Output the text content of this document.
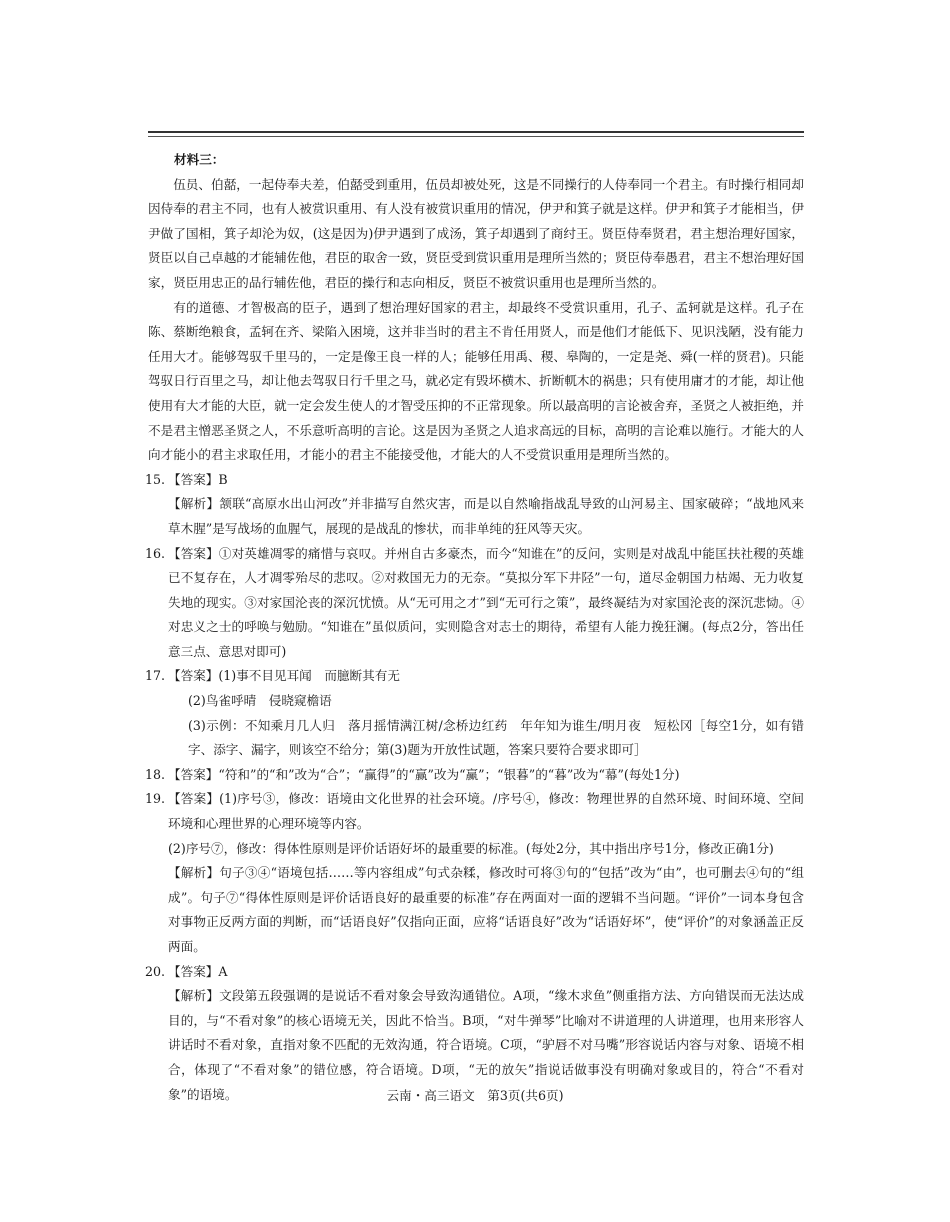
材料三：

伍员、伯嚭，一起侍奉夫差，伯嚭受到重用，伍员却被处死，这是不同操行的人侍奉同一个君主。有时操行相同却因侍奉的君主不同，也有人被赏识重用、有人没有被赏识重用的情况，伊尹和箕子就是这样。伊尹和箕子才能相当，伊尹做了国相，箕子却沦为奴，(这是因为)伊尹遇到了成汤，箕子却遇到了商纣王。贤臣侍奉贤君，君主想治理好国家，贤臣以自己卓越的才能辅佐他，君臣的取舍一致，贤臣受到赏识重用是理所当然的；贤臣侍奉愚君，君主不想治理好国家，贤臣用忠正的品行辅佐他，君臣的操行和志向相反，贤臣不被赏识重用也是理所当然的。

有的道德、才智极高的臣子，遇到了想治理好国家的君主，却最终不受赏识重用，孔子、孟轲就是这样。孔子在陈、蔡断绝粮食，孟轲在齐、梁陷入困境，这并非当时的君主不肯任用贤人，而是他们才能低下、见识浅陋，没有能力任用大才。能够驾驭千里马的，一定是像王良一样的人；能够任用禹、稷、皋陶的，一定是尧、舜(一样的贤君)。只能驾驭日行百里之马，却让他去驾驭日行千里之马，就必定有毁坏横木、折断軏木的祸患；只有使用庸才的才能，却让他使用有大才能的大臣，就一定会发生使人的才智受压抑的不正常现象。所以最高明的言论被舍弃，圣贤之人被拒绝，并不是君主憎恶圣贤之人，不乐意听高明的言论。这是因为圣贤之人追求高远的目标，高明的言论难以施行。才能大的人向才能小的君主求取任用，才能小的君主不能接受他，才能大的人不受赏识重用是理所当然的。

15. 【答案】B

【解析】颔联“高原水出山河改”并非描写自然灾害，而是以自然喻指战乱导致的山河易主、国家破碎；“战地风来草木腥”是写战场的血腥气，展现的是战乱的惨状，而非单纯的狂风等天灾。

16. 【答案】①对英雄凋零的痛惜与哀叹。并州自古多豪杰，而今“知谁在”的反问，实则是对战乱中能匡扶社稷的英雄已不复存在，人才凋零殆尽的悲叹。②对救国无力的无奈。“莫拟分军下井陉”一句，道尽金朝国力枯竭、无力收复失地的现实。③对家国沦丧的深沉忧愤。从“无可用之才”到“无可行之策”，最终凝结为对家国沦丧的深沉悲恸。④对忠义之士的呼唤与勉励。“知谁在”虽似质问，实则隐含对志士的期待，希望有人能力挽狂澜。(每点2分，答出任意三点、意思对即可)

17. 【答案】(1)事不目见耳闻　而臆断其有无

(2)鸟雀呼晴　侵晓窥檐语

(3)示例：不知乘月几人归　落月摇情满江树/念桥边红药　年年知为谁生/明月夜　短松冈［每空1分，如有错字、添字、漏字，则该空不给分；第(3)题为开放性试题，答案只要符合要求即可］

18. 【答案】“符和”的“和”改为“合”；“赢得”的“赢”改为“赢”；“银暮”的“暮”改为“幕”(每处1分)

19. 【答案】(1)序号③，修改：语境由文化世界的社会环境。/序号④，修改：物理世界的自然环境、时间环境、空间环境和心理世界的心理环境等内容。

(2)序号⑦，修改：得体性原则是评价话语好坏的最重要的标准。(每处2分，其中指出序号1分，修改正确1分)

【解析】句子③④“语境包括……等内容组成”句式杂糅，修改时可将③句的“包括”改为“由”，也可删去④句的“组成”。句子⑦“得体性原则是评价话语良好的最重要的标准”存在两面对一面的逻辑不当问题。“评价”一词本身包含对事物正反两方面的判断，而“话语良好”仅指向正面，应将“话语良好”改为“话语好坏”，使“评价”的对象涵盖正反两面。

20. 【答案】A

【解析】文段第五段强调的是说话不看对象会导致沟通错位。A项，“缘木求鱼”侧重指方法、方向错误而无法达成目的，与“不看对象”的核心语境无关，因此不恰当。B项，“对牛弹琴”比喻对不讲道理的人讲道理，也用来形容人讲话时不看对象，直指对象不匹配的无效沟通，符合语境。C项，“驴唇不对马嘴”形容说话内容与对象、语境不相合，体现了“不看对象”的错位感，符合语境。D项，“无的放矢”指说话做事没有明确对象或目的，符合“不看对象”的语境。	云南・高三语文　第3页(共6页)
